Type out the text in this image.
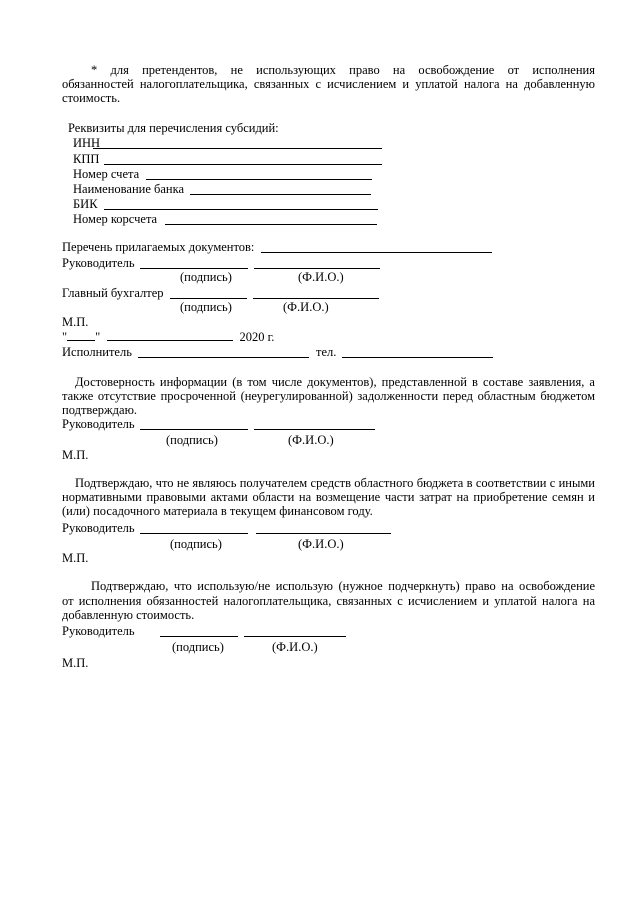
* для претендентов, не использующих право на освобождение от исполнения
обязанностей налогоплательщика, связанных с исчислением и уплатой налога на добавленную стоимость.
Реквизиты для перечисления субсидий:
ИНН
КПП
Номер счета
Наименование банка
БИК
Номер корсчета
Перечень прилагаемых документов:
Руководитель
(подпись)	(Ф.И.О.)
Главный бухгалтер
(подпись)	(Ф.И.О.)
М.П.
" "	2020 г.
Исполнитель	тел.
Достоверность информации (в том числе документов), представленной в составе заявления, а также отсутствие просроченной (неурегулированной) задолженности перед областным бюджетом подтверждаю.
Руководитель
(подпись)	(Ф.И.О.)
М.П.
Подтверждаю, что не являюсь получателем средств областного бюджета в соответствии с иными нормативными правовыми актами области на возмещение части затрат на приобретение семян и (или) посадочного материала в текущем финансовом году.
Руководитель
(подпись)	(Ф.И.О.)
М.П.
Подтверждаю, что использую/не использую (нужное подчеркнуть) право на освобождение
от исполнения обязанностей налогоплательщика, связанных с исчислением и уплатой налога на добавленную стоимость.
Руководитель
(подпись)	(Ф.И.О.)
М.П.
